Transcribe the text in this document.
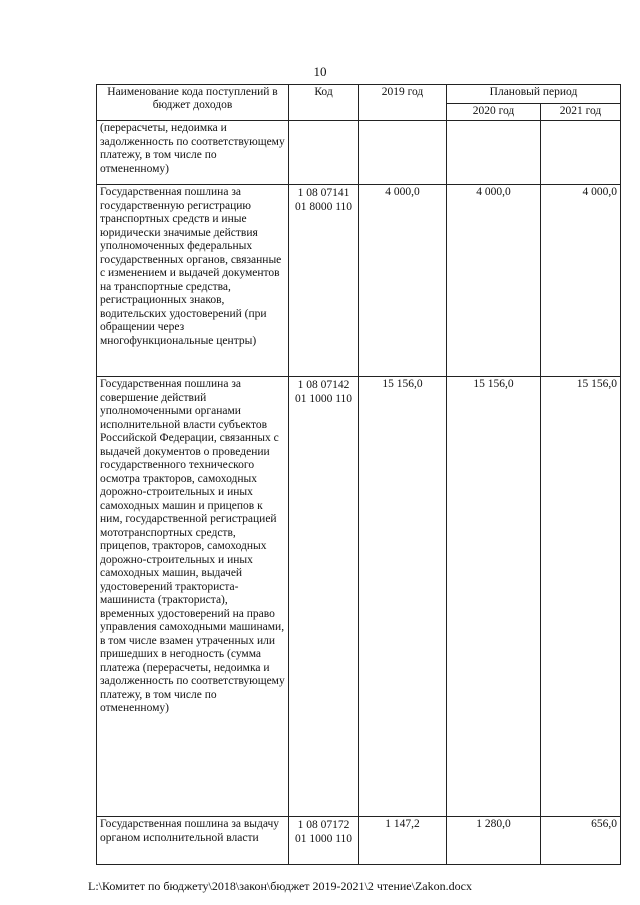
10
Наименование кода поступлений в бюджет доходов	Код	2019 год	Плановый период	
			2020 год	2021 год
(перерасчеты, недоимка и задолженность по соответствующему платежу, в том числе по отмененному)				
Государственная пошлина за государственную регистрацию транспортных средств и иные юридически значимые действия уполномоченных федеральных государственных органов, связанные с изменением и выдачей документов на транспортные средства, регистрационных знаков, водительских удостоверений (при обращении через многофункциональные центры)	1 08 07141 01 8000 110	4 000,0	4 000,0	4 000,0
Государственная пошлина за совершение действий уполномоченными органами исполнительной власти субъектов Российской Федерации, связанных с выдачей документов о проведении государственного технического осмотра тракторов, самоходных дорожно-строительных и иных самоходных машин и прицепов к ним, государственной регистрацией мототранспортных средств, прицепов, тракторов, самоходных дорожно-строительных и иных самоходных машин, выдачей удостоверений тракториста-машиниста (тракториста), временных удостоверений на право управления самоходными машинами, в том числе взамен утраченных или пришедших в негодность (сумма платежа (перерасчеты, недоимка и задолженность по соответствующему платежу, в том числе по отмененному)	1 08 07142 01 1000 110	15 156,0	15 156,0	15 156,0
Государственная пошлина за выдачу органом исполнительной власти	1 08 07172 01 1000 110	1 147,2	1 280,0	656,0
L:\Комитет по бюджету\2018\закон\бюджет 2019-2021\2 чтение\Zakon.docx
